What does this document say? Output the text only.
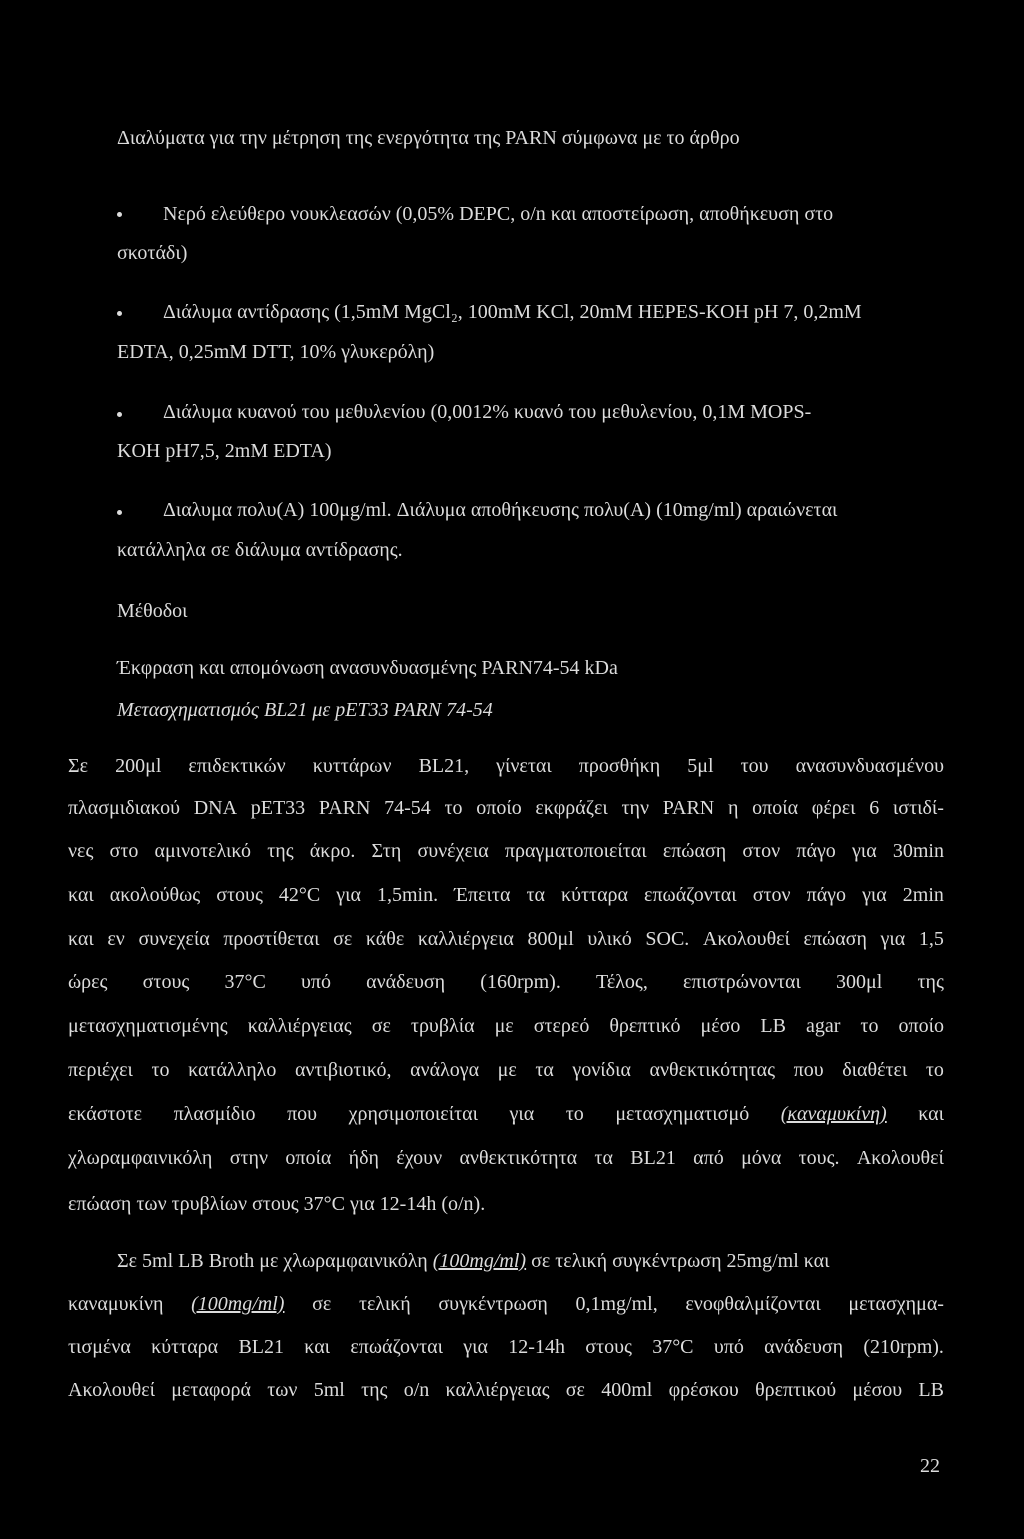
Διαλύματα για την μέτρηση της ενεργότητα της PARN σύμφωνα με το άρθρο
Νερό ελεύθερο νουκλεασών (0,05% DEPC, o/n και αποστείρωση, αποθήκευση στο
σκοτάδι)
Διάλυμα αντίδρασης (1,5mM MgCl₂, 100mM KCl, 20mM HEPES-KOH pH 7, 0,2mM
EDTA, 0,25mM DTT, 10% γλυκερόλη)
Διάλυμα κυανού του μεθυλενίου (0,0012% κυανό του μεθυλενίου, 0,1M MOPS-
KOH pH7,5, 2mM EDTA)
Διαλυμα πολυ(A) 100μg/ml. Διάλυμα αποθήκευσης πολυ(A) (10mg/ml) αραιώνεται
κατάλληλα σε διάλυμα αντίδρασης.
Μέθοδοι
Έκφραση και απομόνωση ανασυνδυασμένης PARN74-54 kDa
Μετασχηματισμός BL21 με pET33 PARN 74-54
Σε 200μl επιδεκτικών κυττάρων BL21, γίνεται προσθήκη 5μl του ανασυνδυασμένου
πλασμιδιακού DNA pET33 PARN 74-54 το οποίο εκφράζει την PARN η οποία φέρει 6 ιστιδί-
νες στο αμινοτελικό της άκρο. Στη συνέχεια πραγματοποιείται επώαση στον πάγο για 30min
και ακολούθως στους 42°C για 1,5min. Έπειτα τα κύτταρα επωάζονται στον πάγο για 2min
και εν συνεχεία προστίθεται σε κάθε καλλιέργεια 800μl υλικό SOC. Ακολουθεί επώαση για 1,5
ώρες στους 37°C υπό ανάδευση (160rpm). Τέλος, επιστρώνονται 300μl της
μετασχηματισμένης καλλιέργειας σε τρυβλία με στερεό θρεπτικό μέσο LB agar το οποίο
περιέχει το κατάλληλο αντιβιοτικό, ανάλογα με τα γονίδια ανθεκτικότητας που διαθέτει το
εκάστοτε πλασμίδιο που χρησιμοποιείται για το μετασχηματισμό (καναμυκίνη) και
χλωραμφαινικόλη στην οποία ήδη έχουν ανθεκτικότητα τα BL21 από μόνα τους. Ακολουθεί
επώαση των τρυβλίων στους 37°C για 12-14h (o/n).
Σε 5ml LB Broth με χλωραμφαινικόλη (100mg/ml) σε τελική συγκέντρωση 25mg/ml και
καναμυκίνη (100mg/ml) σε τελική συγκέντρωση 0,1mg/ml, ενοφθαλμίζονται μετασχημα-
τισμένα κύτταρα BL21 και επωάζονται για 12-14h στους 37°C υπό ανάδευση (210rpm).
Ακολουθεί μεταφορά των 5ml της o/n καλλιέργειας σε 400ml φρέσκου θρεπτικού μέσου LB
22
